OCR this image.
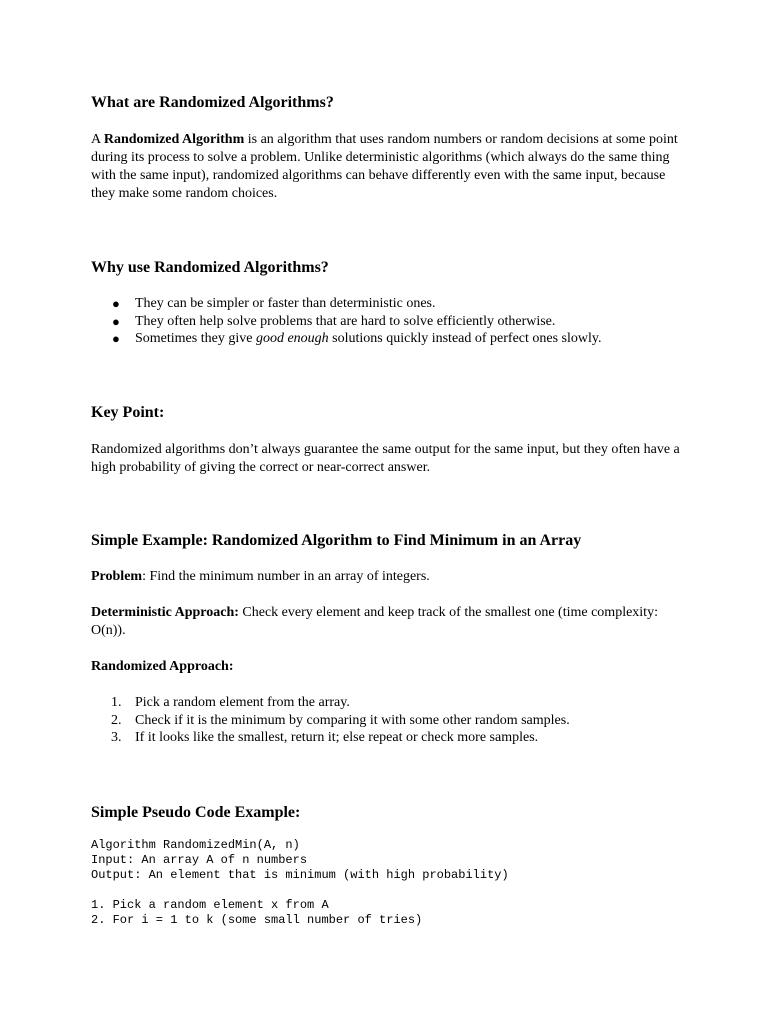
What are Randomized Algorithms?

A Randomized Algorithm is an algorithm that uses random numbers or random decisions at some point during its process to solve a problem. Unlike deterministic algorithms (which always do the same thing with the same input), randomized algorithms can behave differently even with the same input, because they make some random choices.

Why use Randomized Algorithms?
● They can be simpler or faster than deterministic ones.
● They often help solve problems that are hard to solve efficiently otherwise.
● Sometimes they give good enough solutions quickly instead of perfect ones slowly.
Key Point:

Randomized algorithms don’t always guarantee the same output for the same input, but they often have a high probability of giving the correct or near-correct answer.

Simple Example: Randomized Algorithm to Find Minimum in an Array

Problem: Find the minimum number in an array of integers.

Deterministic Approach: Check every element and keep track of the smallest one (time complexity: O(n)).

Randomized Approach:

1. Pick a random element from the array.
2. Check if it is the minimum by comparing it with some other random samples.
3. If it looks like the smallest, return it; else repeat or check more samples.
Simple Pseudo Code Example:
Algorithm RandomizedMin(A, n)
Input: An array A of n numbers
Output: An element that is minimum (with high probability)

1. Pick a random element x from A
2. For i = 1 to k (some small number of tries)
